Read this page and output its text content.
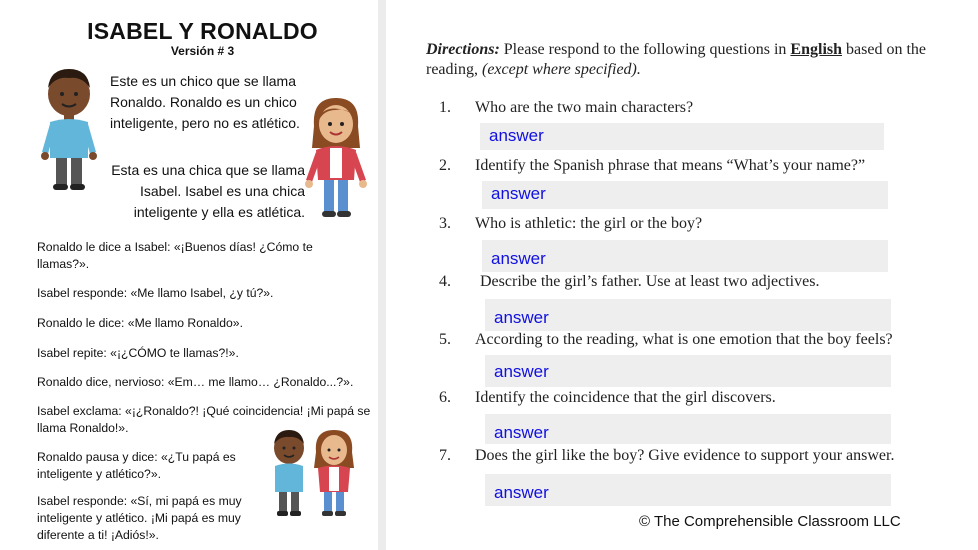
ISABEL Y RONALDO
Versión # 3
Este es un chico que se llama Ronaldo. Ronaldo es un chico inteligente, pero no es atlético.
Esta es una chica que se llama Isabel. Isabel es una chica inteligente y ella es atlética.

Ronaldo le dice a Isabel: «¡Buenos días! ¿Cómo te llamas?».

Isabel responde: «Me llamo Isabel, ¿y tú?».

Ronaldo le dice: «Me llamo Ronaldo».

Isabel repite: «¡¿CÓMO te llamas?!».

Ronaldo dice, nervioso: «Em… me llamo… ¿Ronaldo...?».

Isabel exclama: «¡¿Ronaldo?! ¡Qué coincidencia! ¡Mi papá se llama Ronaldo!».

Ronaldo pausa y dice: «¿Tu papá es inteligente y atlético?».

Isabel responde: «Sí, mi papá es muy inteligente y atlético. ¡Mi papá es muy diferente a ti! ¡Adiós!».

Directions: Please respond to the following questions in English based on the reading, (except where specified).
1.	Who are the two main characters?
answer
2.	Identify the Spanish phrase that means “What’s your name?”
answer
3.	Who is athletic: the girl or the boy?
answer
4.	Describe the girl’s father. Use at least two adjectives.
answer
5.	According to the reading, what is one emotion that the boy feels?
answer
6.	Identify the coincidence that the girl discovers.
answer
7.	Does the girl like the boy? Give evidence to support your answer.
answer
© The Comprehensible Classroom LLC
